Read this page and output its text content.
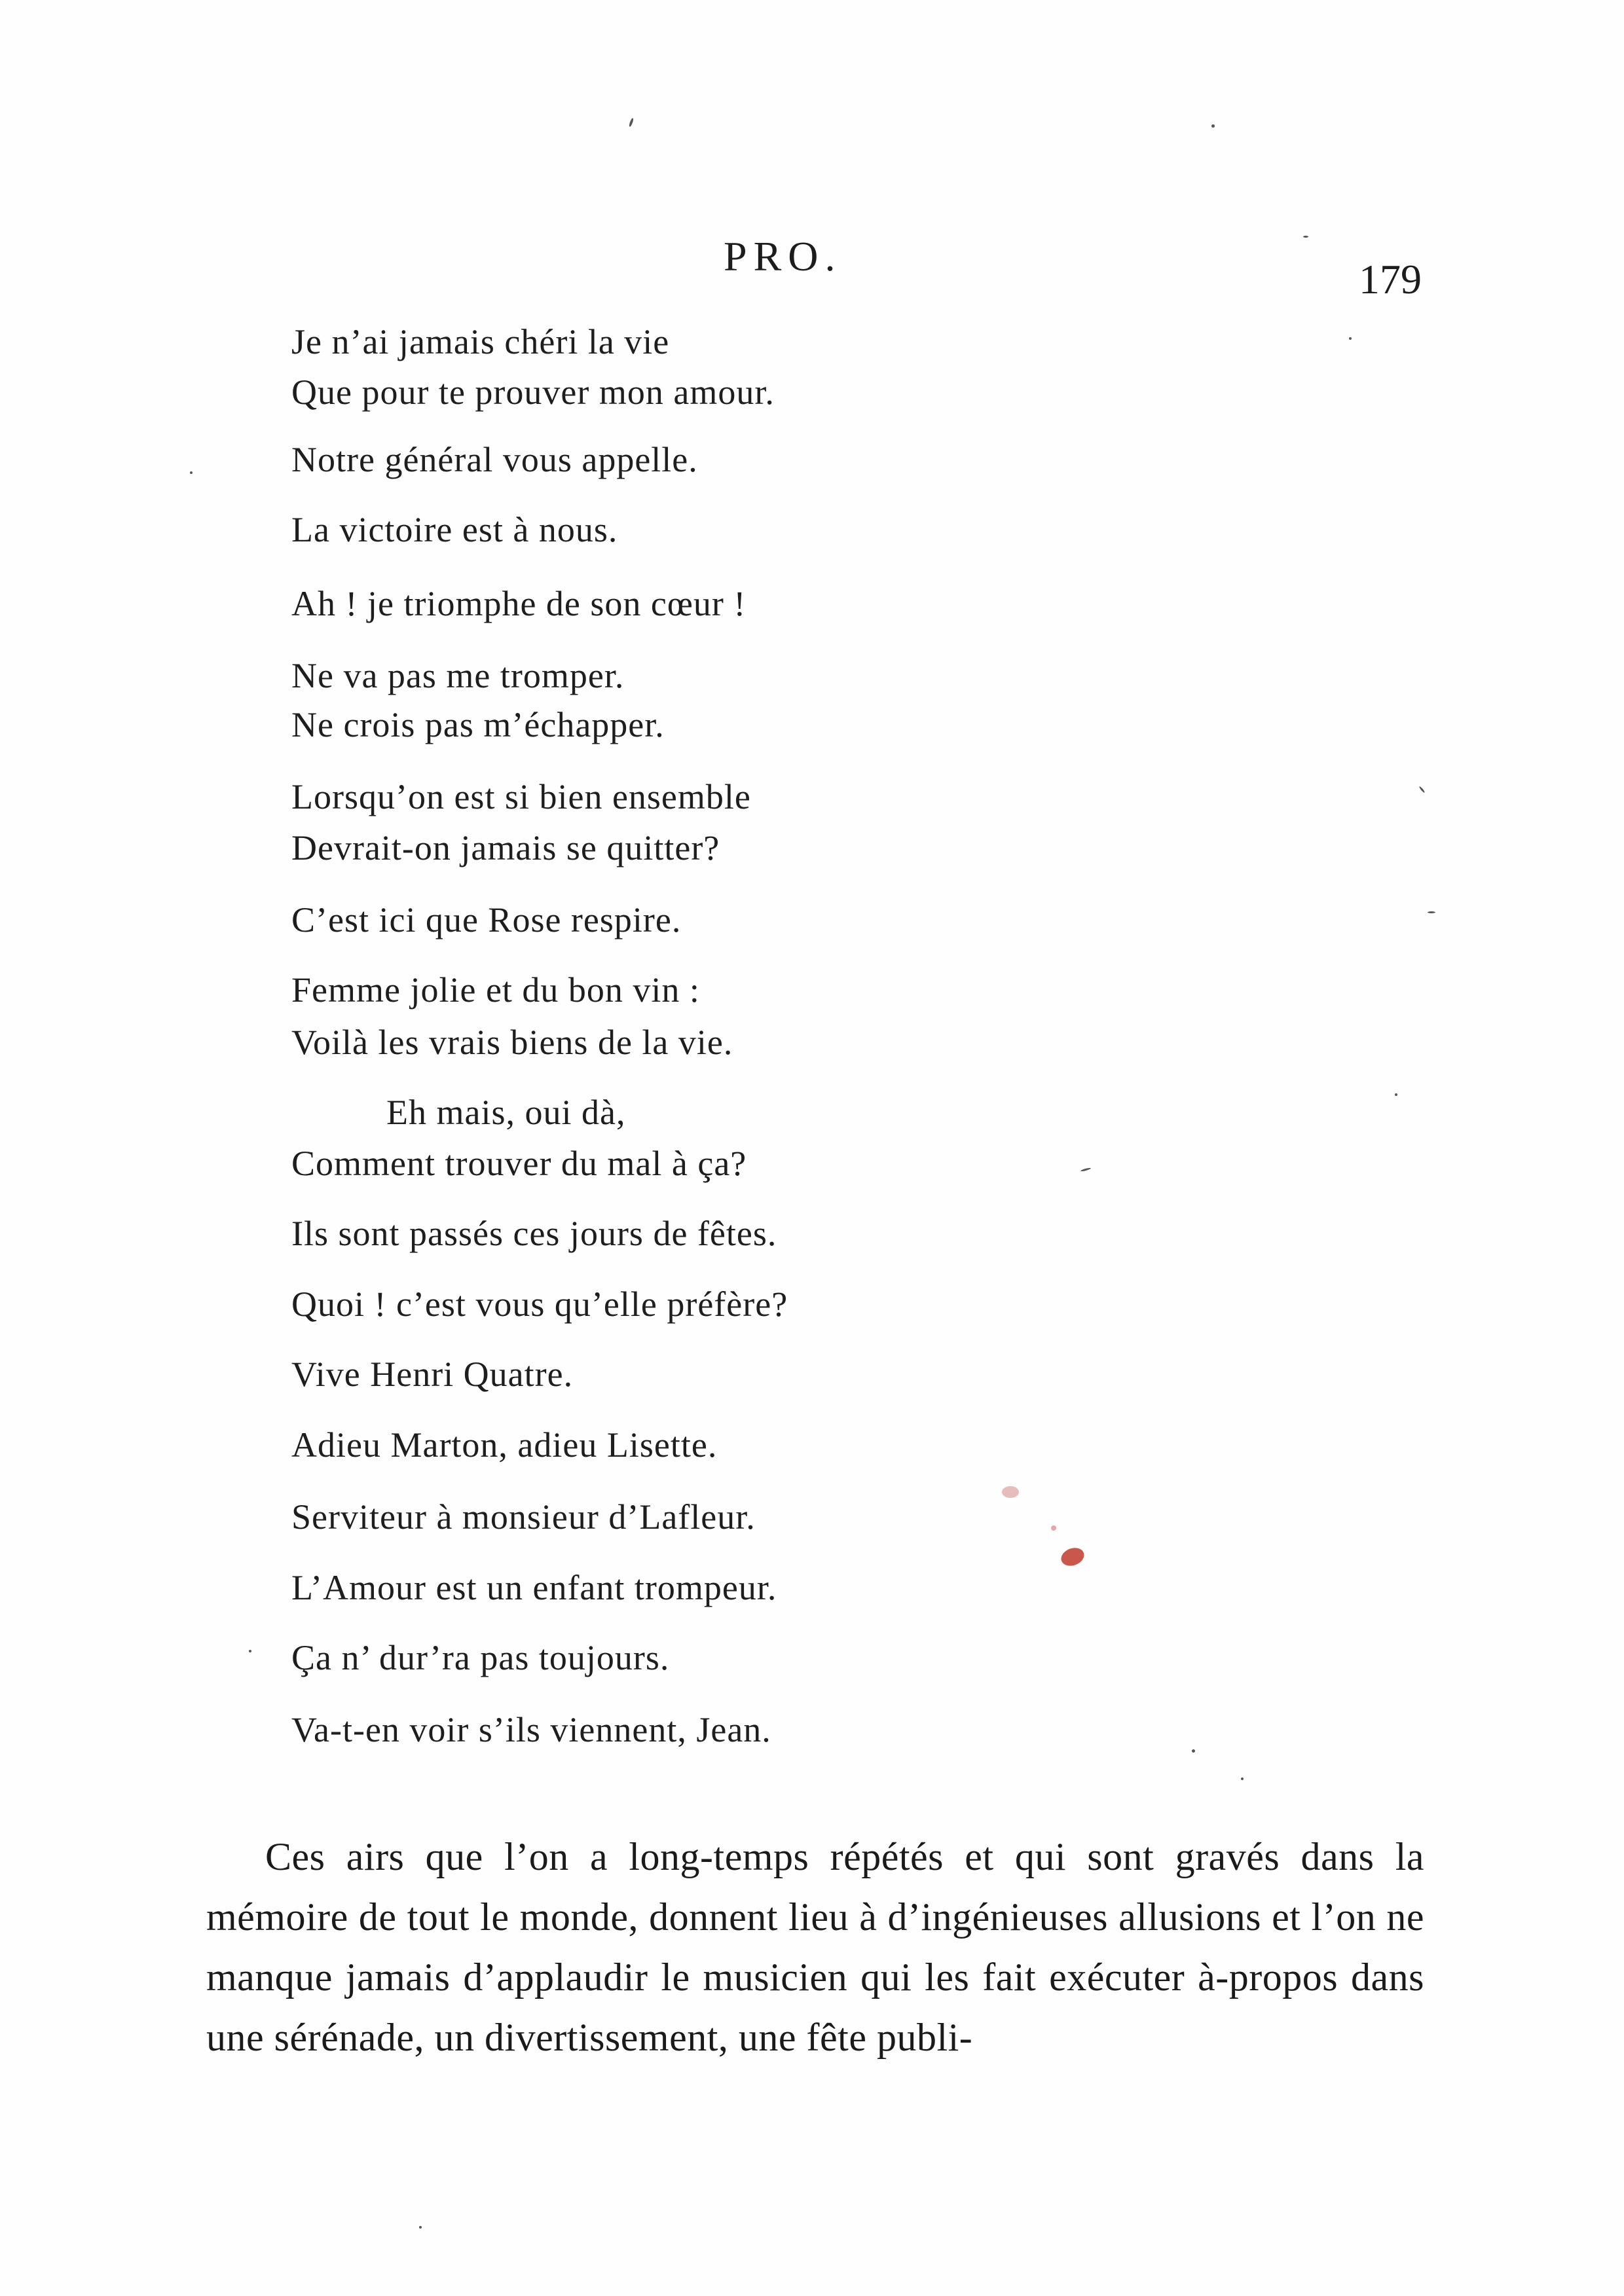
PRO.	179
Je n’ai jamais chéri la vie
Que pour te prouver mon amour.
Notre général vous appelle.
La victoire est à nous.
Ah ! je triomphe de son cœur !
Ne va pas me tromper.
Ne crois pas m’échapper.
Lorsqu’on est si bien ensemble
Devrait-on jamais se quitter?
C’est ici que Rose respire.
Femme jolie et du bon vin :
Voilà les vrais biens de la vie.
Eh mais, oui dà,
Comment trouver du mal à ça?
Ils sont passés ces jours de fêtes.
Quoi ! c’est vous qu’elle préfère?
Vive Henri Quatre.
Adieu Marton, adieu Lisette.
Serviteur à monsieur d’Lafleur.
L’Amour est un enfant trompeur.
Ça n’ dur’ra pas toujours.
Va-t-en voir s’ils viennent, Jean.
Ces airs que l’on a long-temps répétés et qui sont gravés dans la mémoire de tout le monde, donnent lieu à d’ingénieuses allusions et l’on ne manque jamais d’applaudir le musicien qui les fait exécuter à-propos dans une sérénade, un divertissement, une fête publi-
